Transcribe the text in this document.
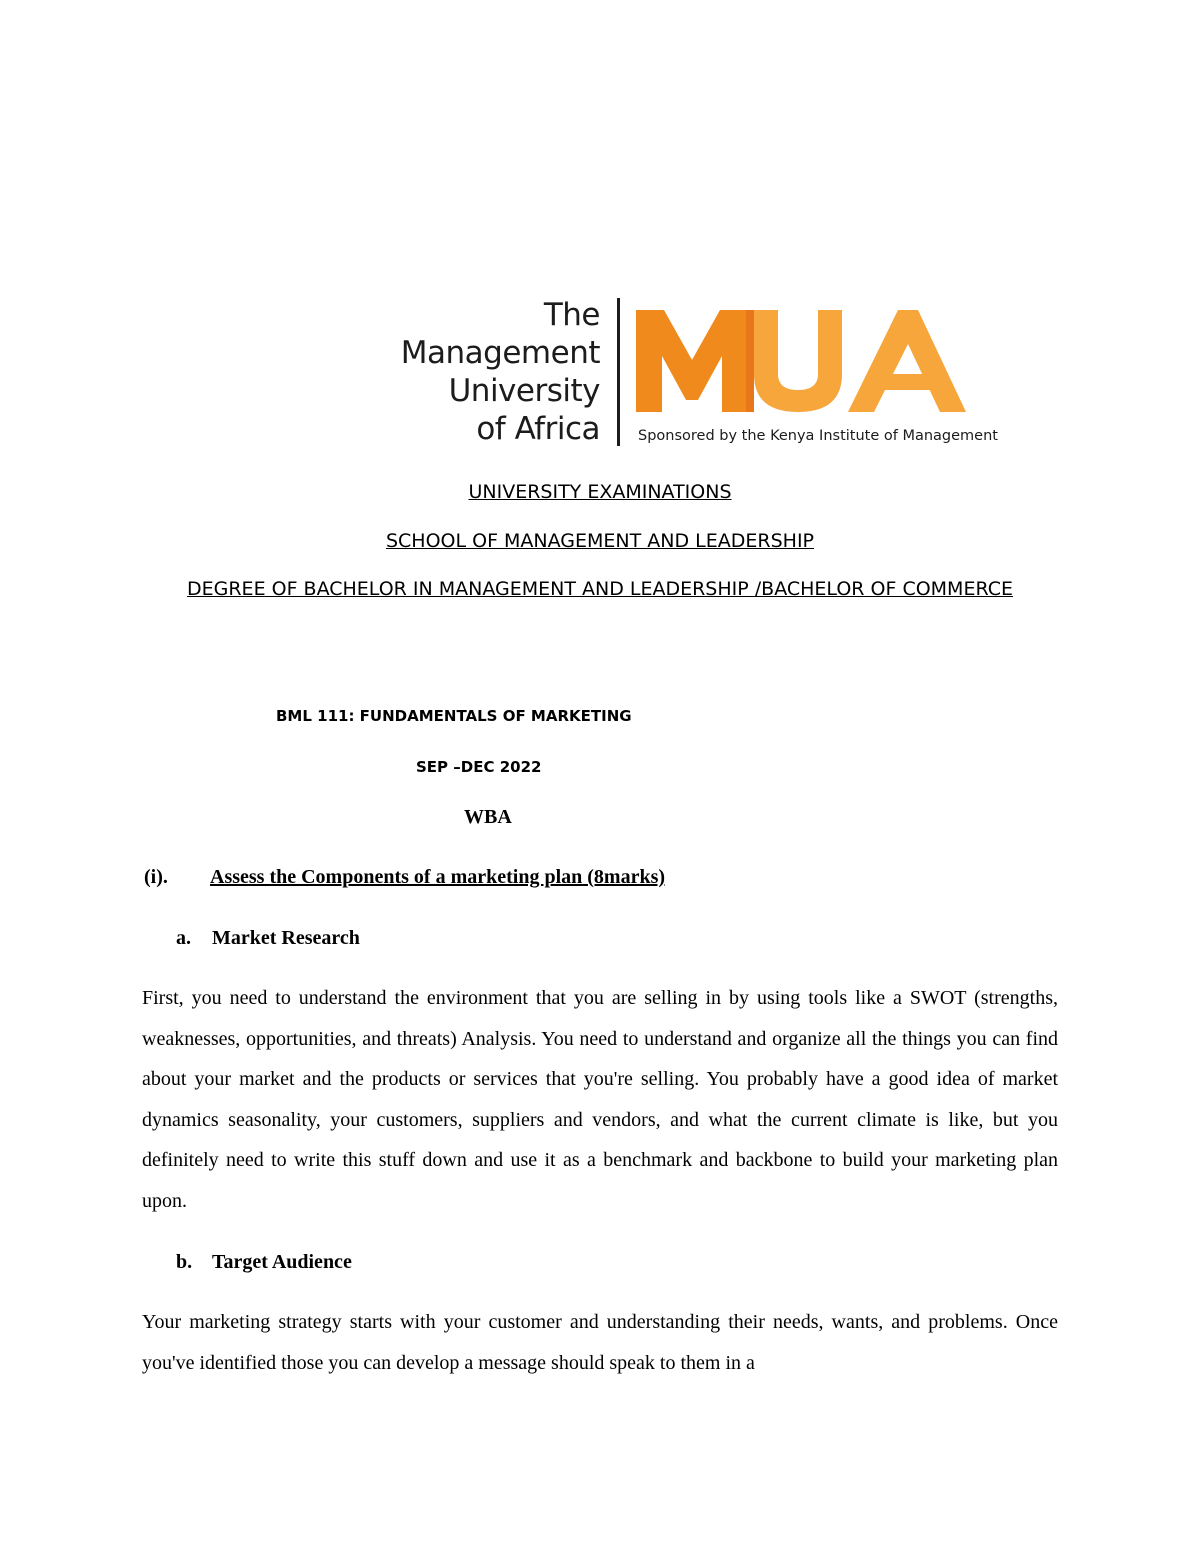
The
Management
University
of Africa	Sponsored by the Kenya Institute of Management
UNIVERSITY EXAMINATIONS
SCHOOL OF MANAGEMENT AND LEADERSHIP
DEGREE OF BACHELOR IN MANAGEMENT AND LEADERSHIP /BACHELOR OF COMMERCE
BML 111: FUNDAMENTALS OF MARKETING
SEP –DEC 2022
WBA
(i). Assess the Components of a marketing plan (8marks)
a. Market Research
First, you need to understand the environment that you are selling in by using tools like a SWOT (strengths, weaknesses, opportunities, and threats) Analysis. You need to understand and organize all the things you can find about your market and the products or services that you're selling. You probably have a good idea of market dynamics seasonality, your customers, suppliers and vendors, and what the current climate is like, but you definitely need to write this stuff down and use it as a benchmark and backbone to build your marketing plan upon.
b. Target Audience
Your marketing strategy starts with your customer and understanding their needs, wants, and problems. Once you've identified those you can develop a message should speak to them in a
